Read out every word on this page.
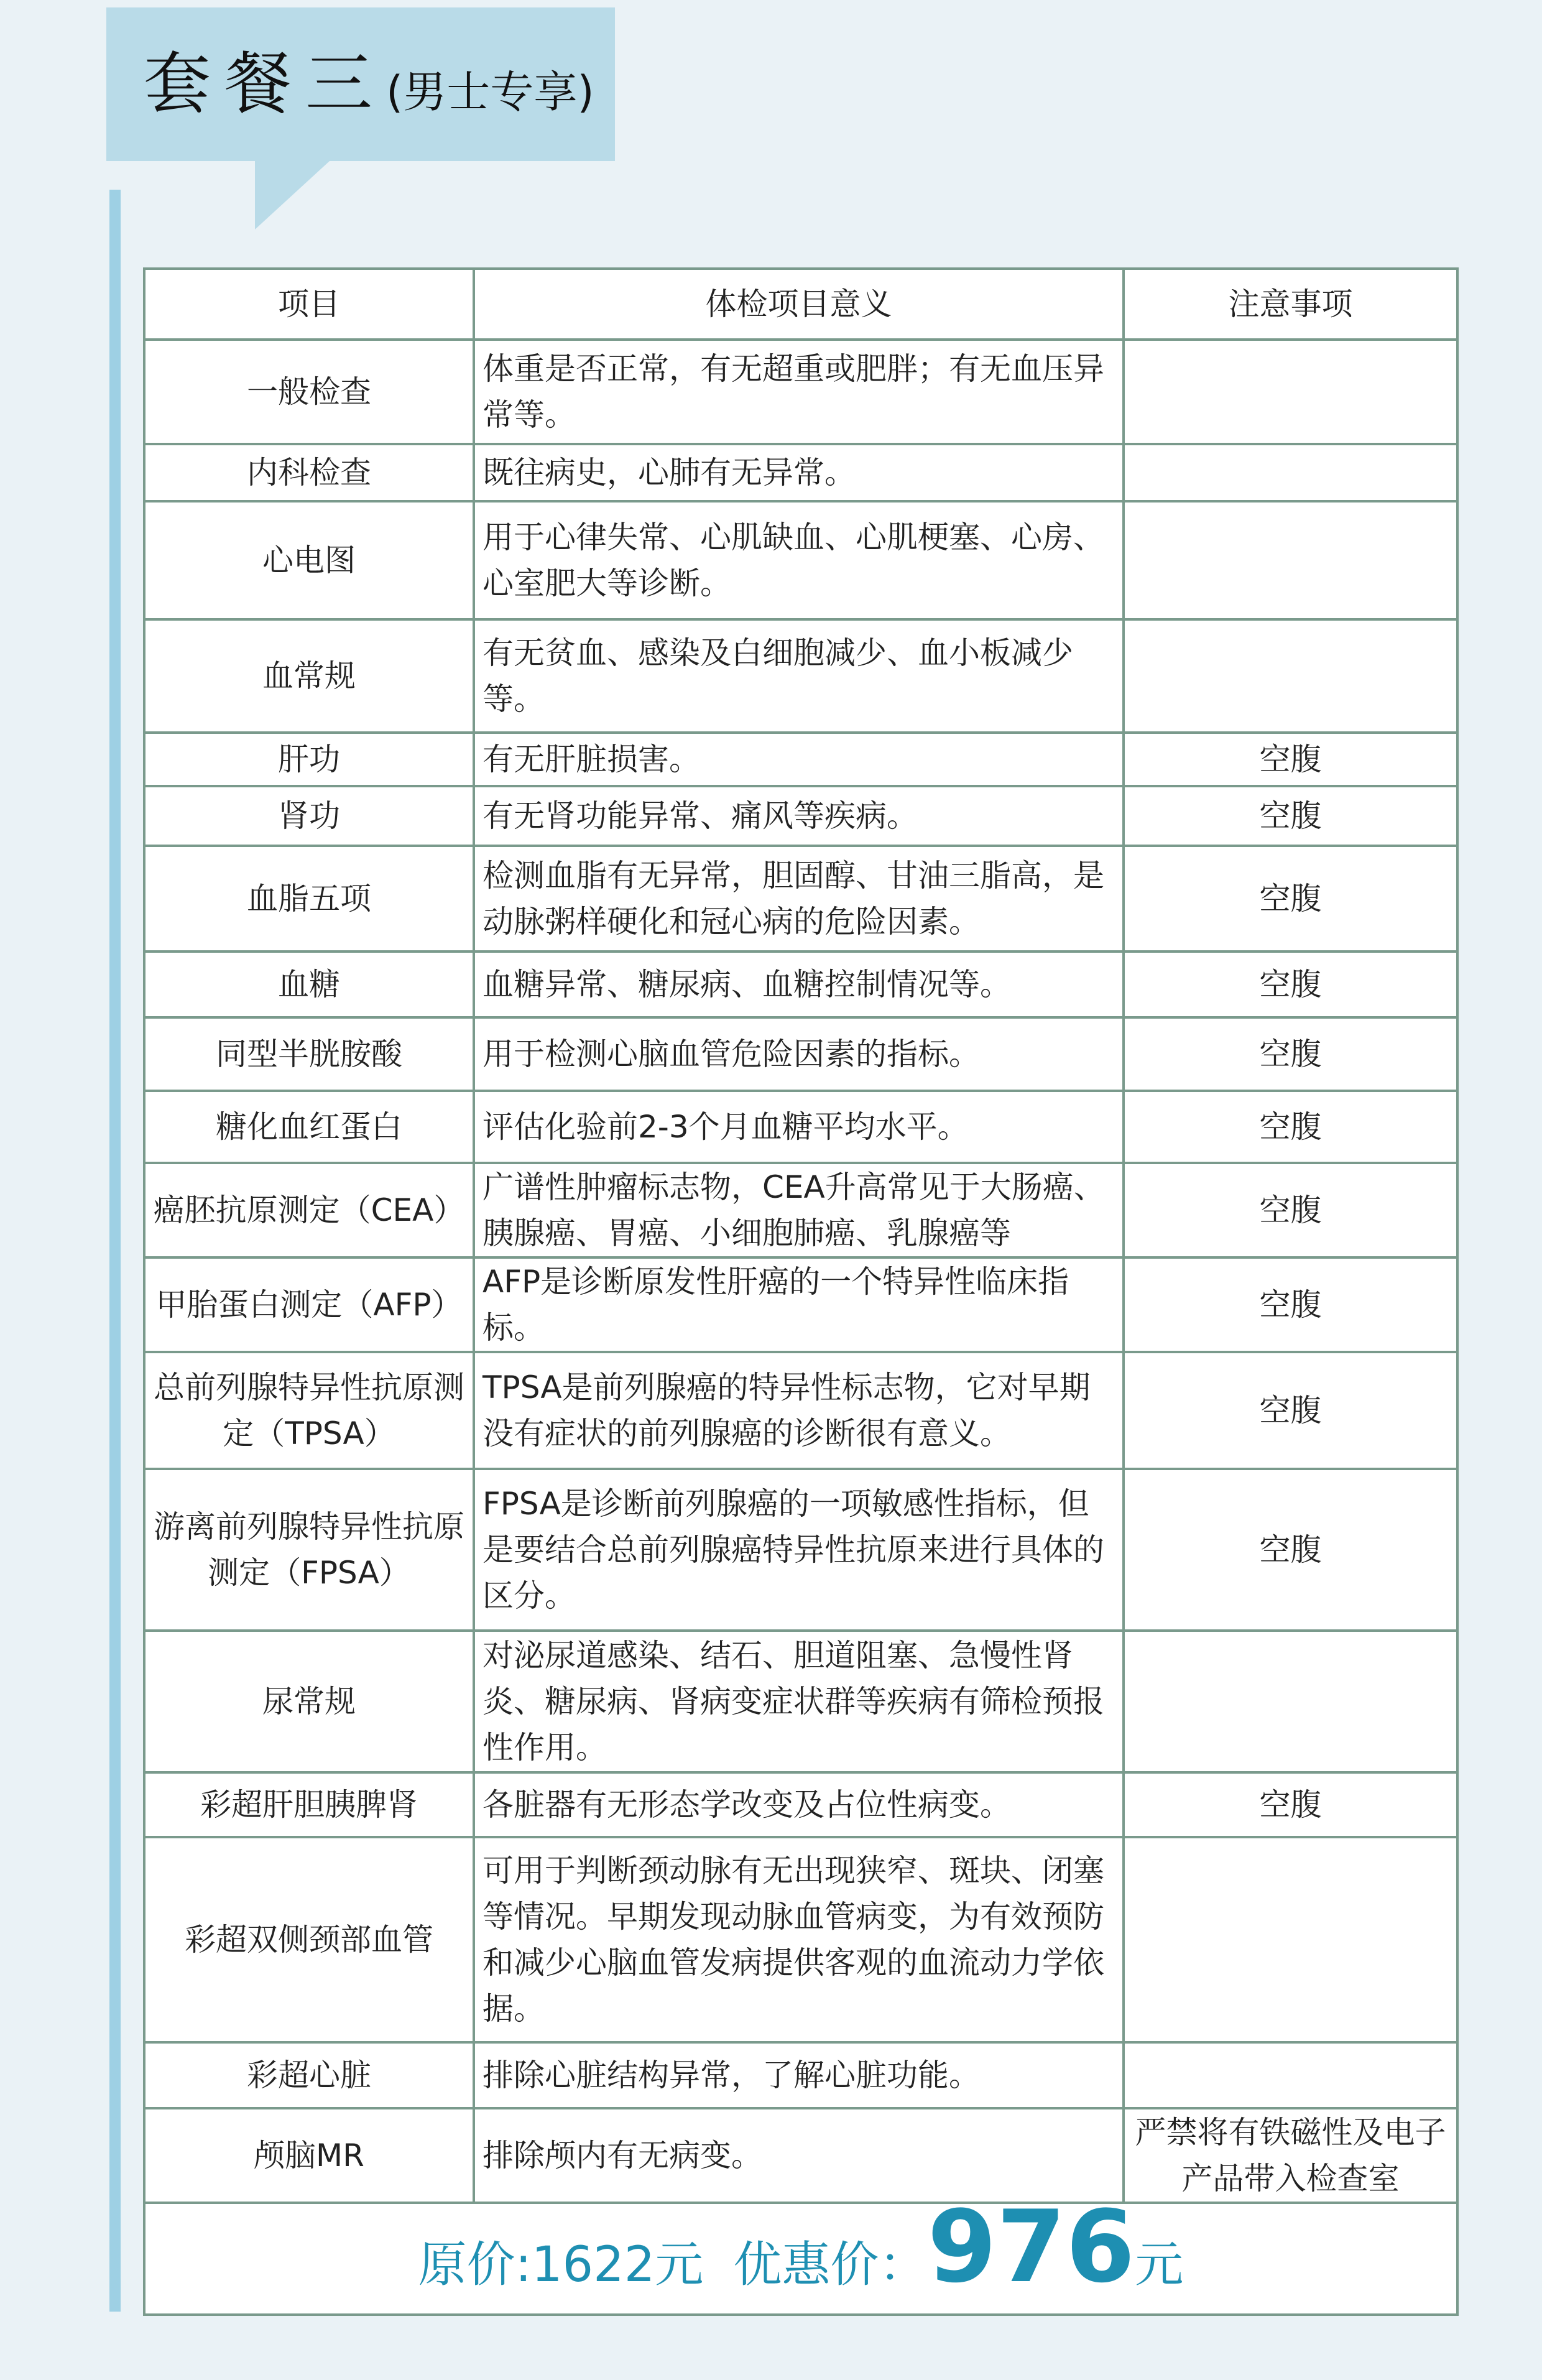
套餐三(男士专享)
项目	体检项目意义	注意事项
一般检查	体重是否正常，有无超重或肥胖；有无血压异常等。	
内科检查	既往病史，心肺有无异常。	
心电图	用于心律失常、心肌缺血、心肌梗塞、心房、心室肥大等诊断。	
血常规	有无贫血、感染及白细胞减少、血小板减少等。	
肝功	有无肝脏损害。	空腹
肾功	有无肾功能异常、痛风等疾病。	空腹
血脂五项	检测血脂有无异常，胆固醇、甘油三脂高，是动脉粥样硬化和冠心病的危险因素。	空腹
血糖	血糖异常、糖尿病、血糖控制情况等。	空腹
同型半胱胺酸	用于检测心脑血管危险因素的指标。	空腹
糖化血红蛋白	评估化验前2-3个月血糖平均水平。	空腹
癌胚抗原测定（CEA）	广谱性肿瘤标志物，CEA升高常见于大肠癌、胰腺癌、胃癌、小细胞肺癌、乳腺癌等	空腹
甲胎蛋白测定（AFP）	AFP是诊断原发性肝癌的一个特异性临床指标。	空腹
总前列腺特异性抗原测定（TPSA）	TPSA是前列腺癌的特异性标志物，它对早期没有症状的前列腺癌的诊断很有意义。	空腹
游离前列腺特异性抗原测定（FPSA）	FPSA是诊断前列腺癌的一项敏感性指标，但是要结合总前列腺癌特异性抗原来进行具体的区分。	空腹
尿常规	对泌尿道感染、结石、胆道阻塞、急慢性肾炎、糖尿病、肾病变症状群等疾病有筛检预报性作用。	
彩超肝胆胰脾肾	各脏器有无形态学改变及占位性病变。	空腹
彩超双侧颈部血管	可用于判断颈动脉有无出现狭窄、斑块、闭塞等情况。早期发现动脉血管病变，为有效预防和减少心脑血管发病提供客观的血流动力学依据。	
彩超心脏	排除心脏结构异常，了解心脏功能。	
颅脑MR	排除颅内有无病变。	严禁将有铁磁性及电子产品带入检查室
原价:1622元 优惠价：976元		
